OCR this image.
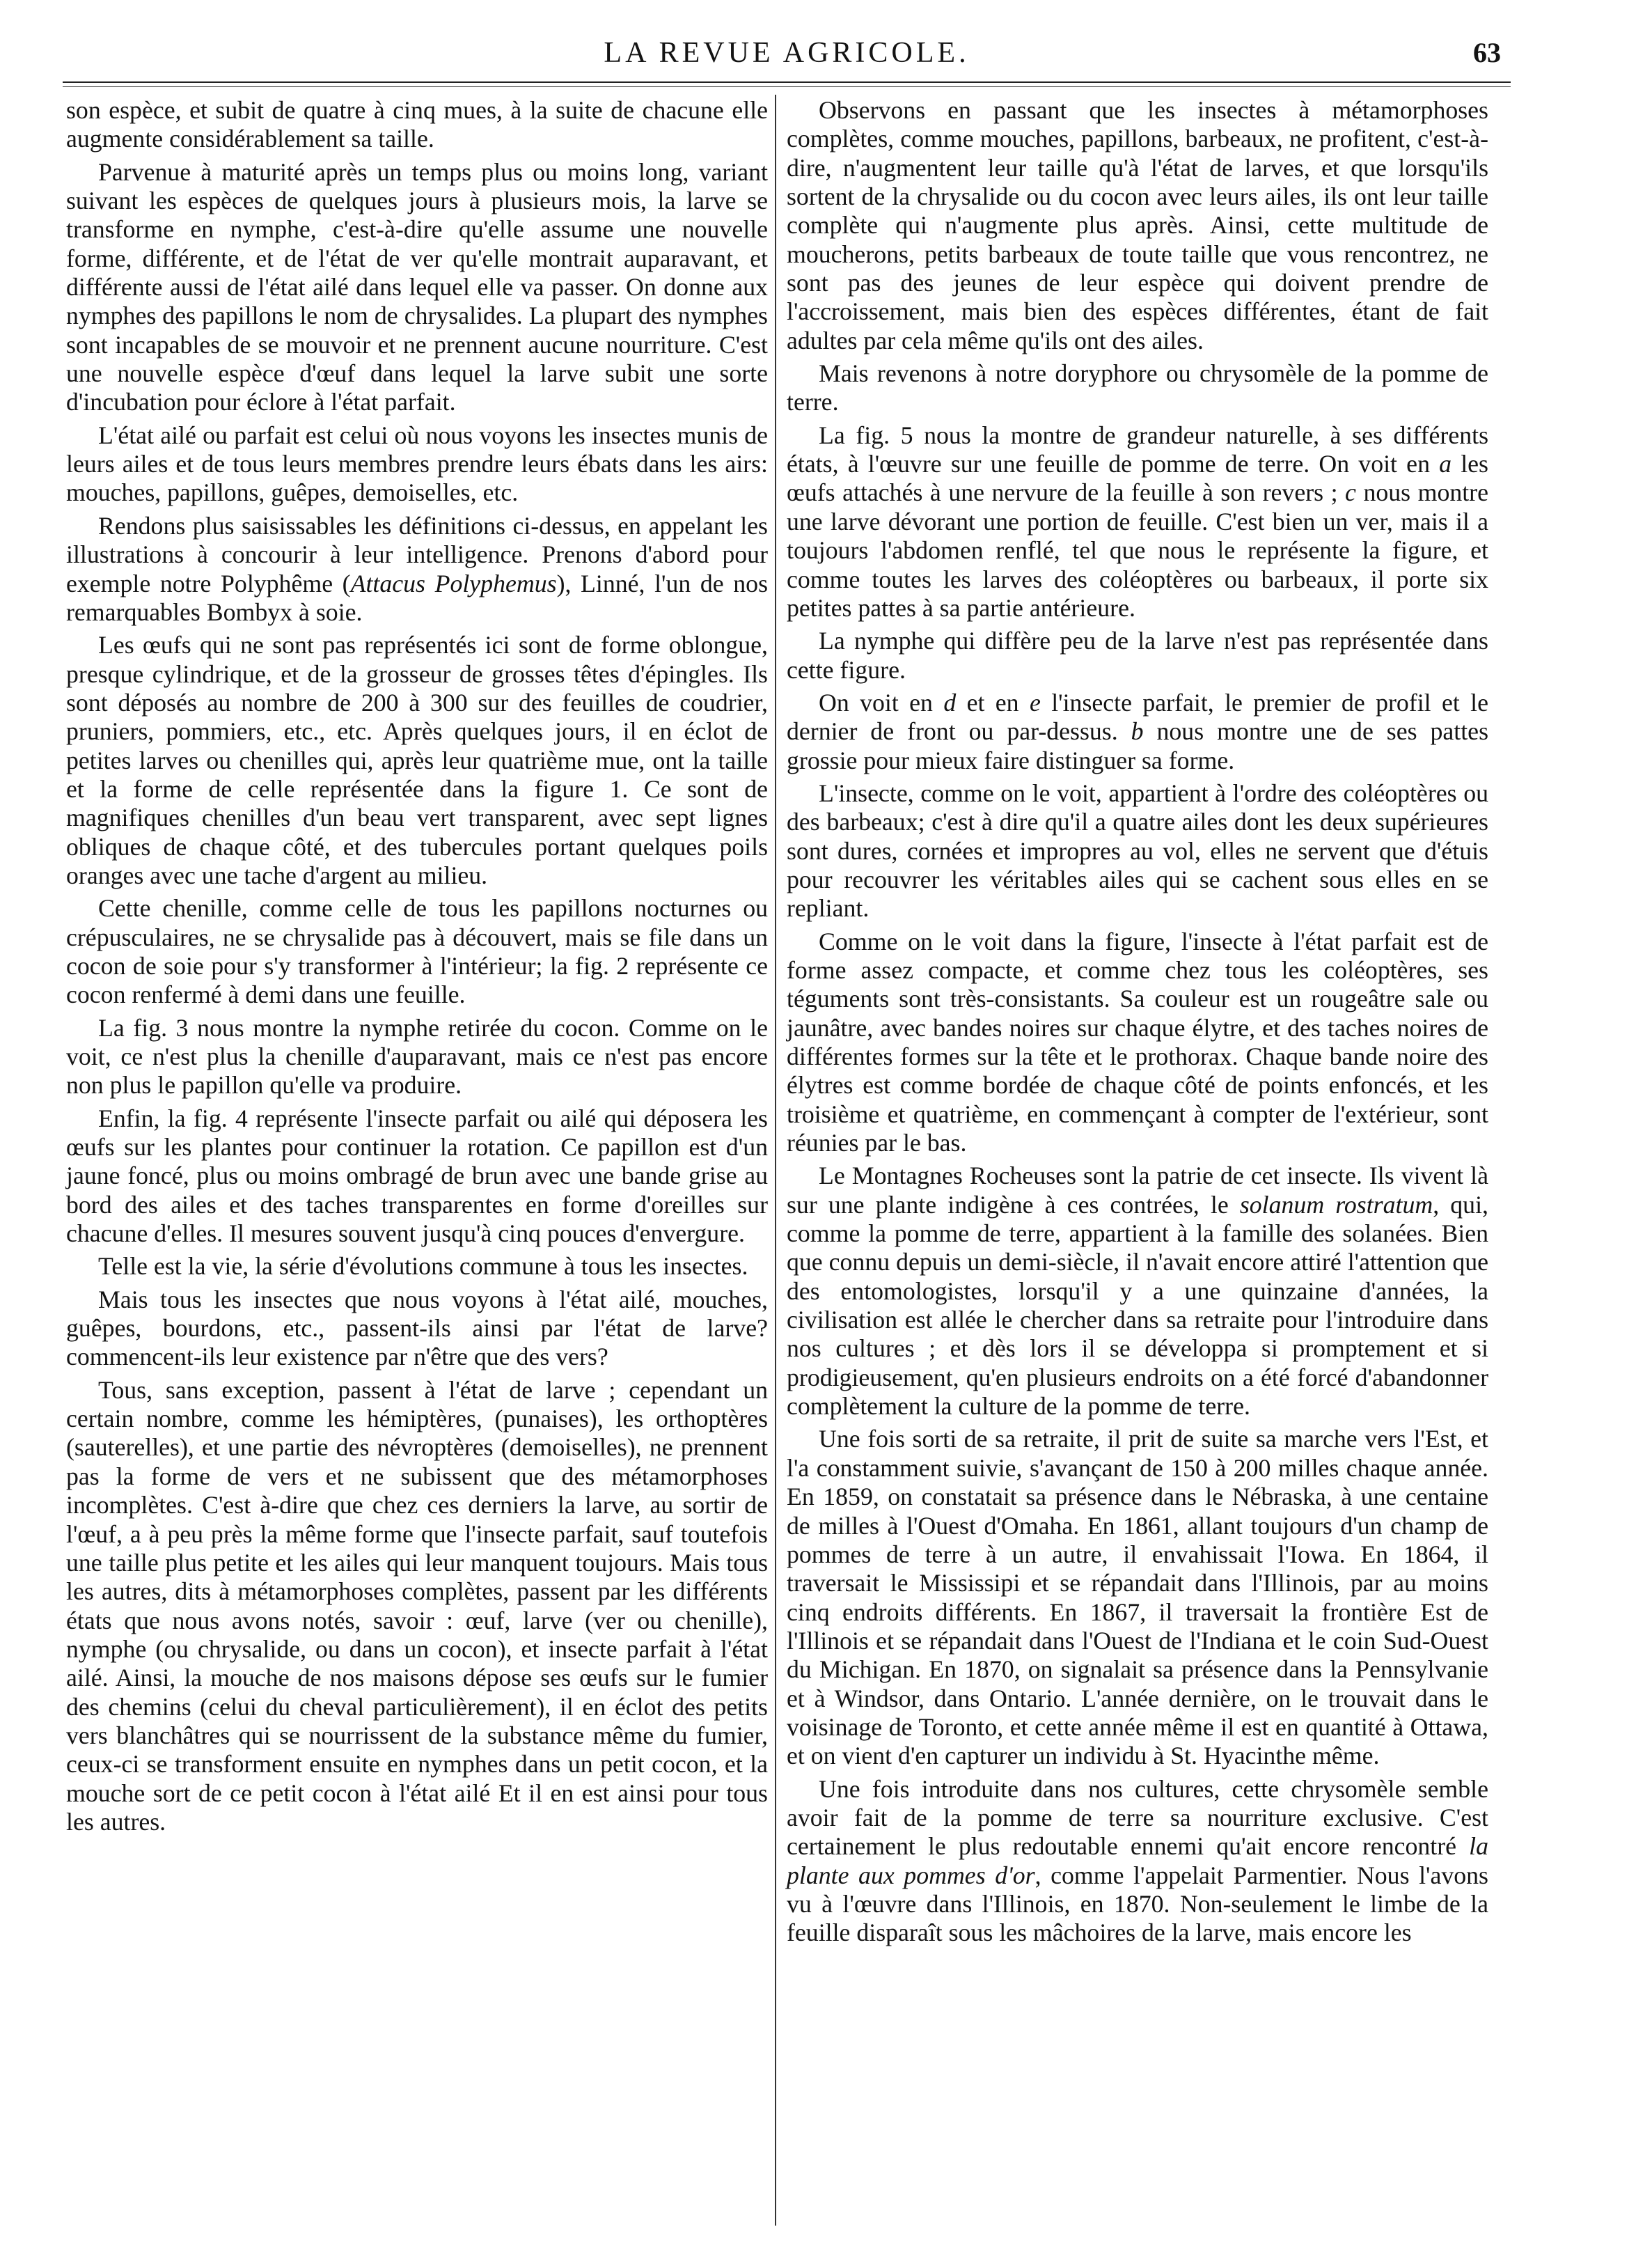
LA REVUE AGRICOLE.	63

son espèce, et subit de quatre à cinq mues, à la suite de chacune elle augmente considérablement sa taille.

Parvenue à maturité après un temps plus ou moins long, variant suivant les espèces de quelques jours à plusieurs mois, la larve se transforme en nymphe, c'est-à-dire qu'elle assume une nouvelle forme, différente, et de l'état de ver qu'elle montrait auparavant, et différente aussi de l'état ailé dans lequel elle va passer. On donne aux nymphes des papillons le nom de chrysalides. La plupart des nymphes sont incapables de se mouvoir et ne prennent aucune nourriture. C'est une nouvelle espèce d'œuf dans lequel la larve subit une sorte d'incubation pour éclore à l'état parfait.

L'état ailé ou parfait est celui où nous voyons les insectes munis de leurs ailes et de tous leurs membres prendre leurs ébats dans les airs: mouches, papillons, guêpes, demoiselles, etc.

Rendons plus saisissables les définitions ci-dessus, en appelant les illustrations à concourir à leur intelligence. Prenons d'abord pour exemple notre Polyphême (Attacus Polyphemus), Linné, l'un de nos remarquables Bombyx à soie.

Les œufs qui ne sont pas représentés ici sont de forme oblongue, presque cylindrique, et de la grosseur de grosses têtes d'épingles. Ils sont déposés au nombre de 200 à 300 sur des feuilles de coudrier, pruniers, pommiers, etc., etc. Après quelques jours, il en éclot de petites larves ou chenilles qui, après leur quatrième mue, ont la taille et la forme de celle représentée dans la figure 1. Ce sont de magnifiques chenilles d'un beau vert transparent, avec sept lignes obliques de chaque côté, et des tubercules portant quelques poils oranges avec une tache d'argent au milieu.

Cette chenille, comme celle de tous les papillons nocturnes ou crépusculaires, ne se chrysalide pas à découvert, mais se file dans un cocon de soie pour s'y transformer à l'intérieur; la fig. 2 représente ce cocon renfermé à demi dans une feuille.

La fig. 3 nous montre la nymphe retirée du cocon. Comme on le voit, ce n'est plus la chenille d'auparavant, mais ce n'est pas encore non plus le papillon qu'elle va produire.

Enfin, la fig. 4 représente l'insecte parfait ou ailé qui déposera les œufs sur les plantes pour continuer la rotation. Ce papillon est d'un jaune foncé, plus ou moins ombragé de brun avec une bande grise au bord des ailes et des taches transparentes en forme d'oreilles sur chacune d'elles. Il mesures souvent jusqu'à cinq pouces d'envergure.

Telle est la vie, la série d'évolutions commune à tous les insectes.

Mais tous les insectes que nous voyons à l'état ailé, mouches, guêpes, bourdons, etc., passent-ils ainsi par l'état de larve? commencent-ils leur existence par n'être que des vers?

Tous, sans exception, passent à l'état de larve ; cependant un certain nombre, comme les hémiptères, (punaises), les orthoptères (sauterelles), et une partie des névroptères (demoiselles), ne prennent pas la forme de vers et ne subissent que des métamorphoses incomplètes. C'est à-dire que chez ces derniers la larve, au sortir de l'œuf, a à peu près la même forme que l'insecte parfait, sauf toutefois une taille plus petite et les ailes qui leur manquent toujours. Mais tous les autres, dits à métamorphoses complètes, passent par les différents états que nous avons notés, savoir : œuf, larve (ver ou chenille), nymphe (ou chrysalide, ou dans un cocon), et insecte parfait à l'état ailé. Ainsi, la mouche de nos maisons dépose ses œufs sur le fumier des chemins (celui du cheval particulièrement), il en éclot des petits vers blanchâtres qui se nourrissent de la substance même du fumier, ceux-ci se transforment ensuite en nymphes dans un petit cocon, et la mouche sort de ce petit cocon à l'état ailé Et il en est ainsi pour tous les autres.

Observons en passant que les insectes à métamorphoses complètes, comme mouches, papillons, barbeaux, ne profitent, c'est-à-dire, n'augmentent leur taille qu'à l'état de larves, et que lorsqu'ils sortent de la chrysalide ou du cocon avec leurs ailes, ils ont leur taille complète qui n'augmente plus après. Ainsi, cette multitude de moucherons, petits barbeaux de toute taille que vous rencontrez, ne sont pas des jeunes de leur espèce qui doivent prendre de l'accroissement, mais bien des espèces différentes, étant de fait adultes par cela même qu'ils ont des ailes.

Mais revenons à notre doryphore ou chrysomèle de la pomme de terre.

La fig. 5 nous la montre de grandeur naturelle, à ses différents états, à l'œuvre sur une feuille de pomme de terre. On voit en a les œufs attachés à une nervure de la feuille à son revers ; c nous montre une larve dévorant une portion de feuille. C'est bien un ver, mais il a toujours l'abdomen renflé, tel que nous le représente la figure, et comme toutes les larves des coléoptères ou barbeaux, il porte six petites pattes à sa partie antérieure.

La nymphe qui diffère peu de la larve n'est pas représentée dans cette figure.

On voit en d et en e l'insecte parfait, le premier de profil et le dernier de front ou par-dessus. b nous montre une de ses pattes grossie pour mieux faire distinguer sa forme.

L'insecte, comme on le voit, appartient à l'ordre des coléoptères ou des barbeaux; c'est à dire qu'il a quatre ailes dont les deux supérieures sont dures, cornées et impropres au vol, elles ne servent que d'étuis pour recouvrer les véritables ailes qui se cachent sous elles en se repliant.

Comme on le voit dans la figure, l'insecte à l'état parfait est de forme assez compacte, et comme chez tous les coléoptères, ses téguments sont très-consistants. Sa couleur est un rougeâtre sale ou jaunâtre, avec bandes noires sur chaque élytre, et des taches noires de différentes formes sur la tête et le prothorax. Chaque bande noire des élytres est comme bordée de chaque côté de points enfoncés, et les troisième et quatrième, en commençant à compter de l'extérieur, sont réunies par le bas.

Le Montagnes Rocheuses sont la patrie de cet insecte. Ils vivent là sur une plante indigène à ces contrées, le solanum rostratum, qui, comme la pomme de terre, appartient à la famille des solanées. Bien que connu depuis un demi-siècle, il n'avait encore attiré l'attention que des entomologistes, lorsqu'il y a une quinzaine d'années, la civilisation est allée le chercher dans sa retraite pour l'introduire dans nos cultures ; et dès lors il se développa si promptement et si prodigieusement, qu'en plusieurs endroits on a été forcé d'abandonner complètement la culture de la pomme de terre.

Une fois sorti de sa retraite, il prit de suite sa marche vers l'Est, et l'a constamment suivie, s'avançant de 150 à 200 milles chaque année. En 1859, on constatait sa présence dans le Nébraska, à une centaine de milles à l'Ouest d'Omaha. En 1861, allant toujours d'un champ de pommes de terre à un autre, il envahissait l'Iowa. En 1864, il traversait le Mississipi et se répandait dans l'Illinois, par au moins cinq endroits différents. En 1867, il traversait la frontière Est de l'Illinois et se répandait dans l'Ouest de l'Indiana et le coin Sud-Ouest du Michigan. En 1870, on signalait sa présence dans la Pennsylvanie et à Windsor, dans Ontario. L'année dernière, on le trouvait dans le voisinage de Toronto, et cette année même il est en quantité à Ottawa, et on vient d'en capturer un individu à St. Hyacinthe même.

Une fois introduite dans nos cultures, cette chrysomèle semble avoir fait de la pomme de terre sa nourriture exclusive. C'est certainement le plus redoutable ennemi qu'ait encore rencontré la plante aux pommes d'or, comme l'appelait Parmentier. Nous l'avons vu à l'œuvre dans l'Illinois, en 1870. Non-seulement le limbe de la feuille disparaît sous les mâchoires de la larve, mais encore les
